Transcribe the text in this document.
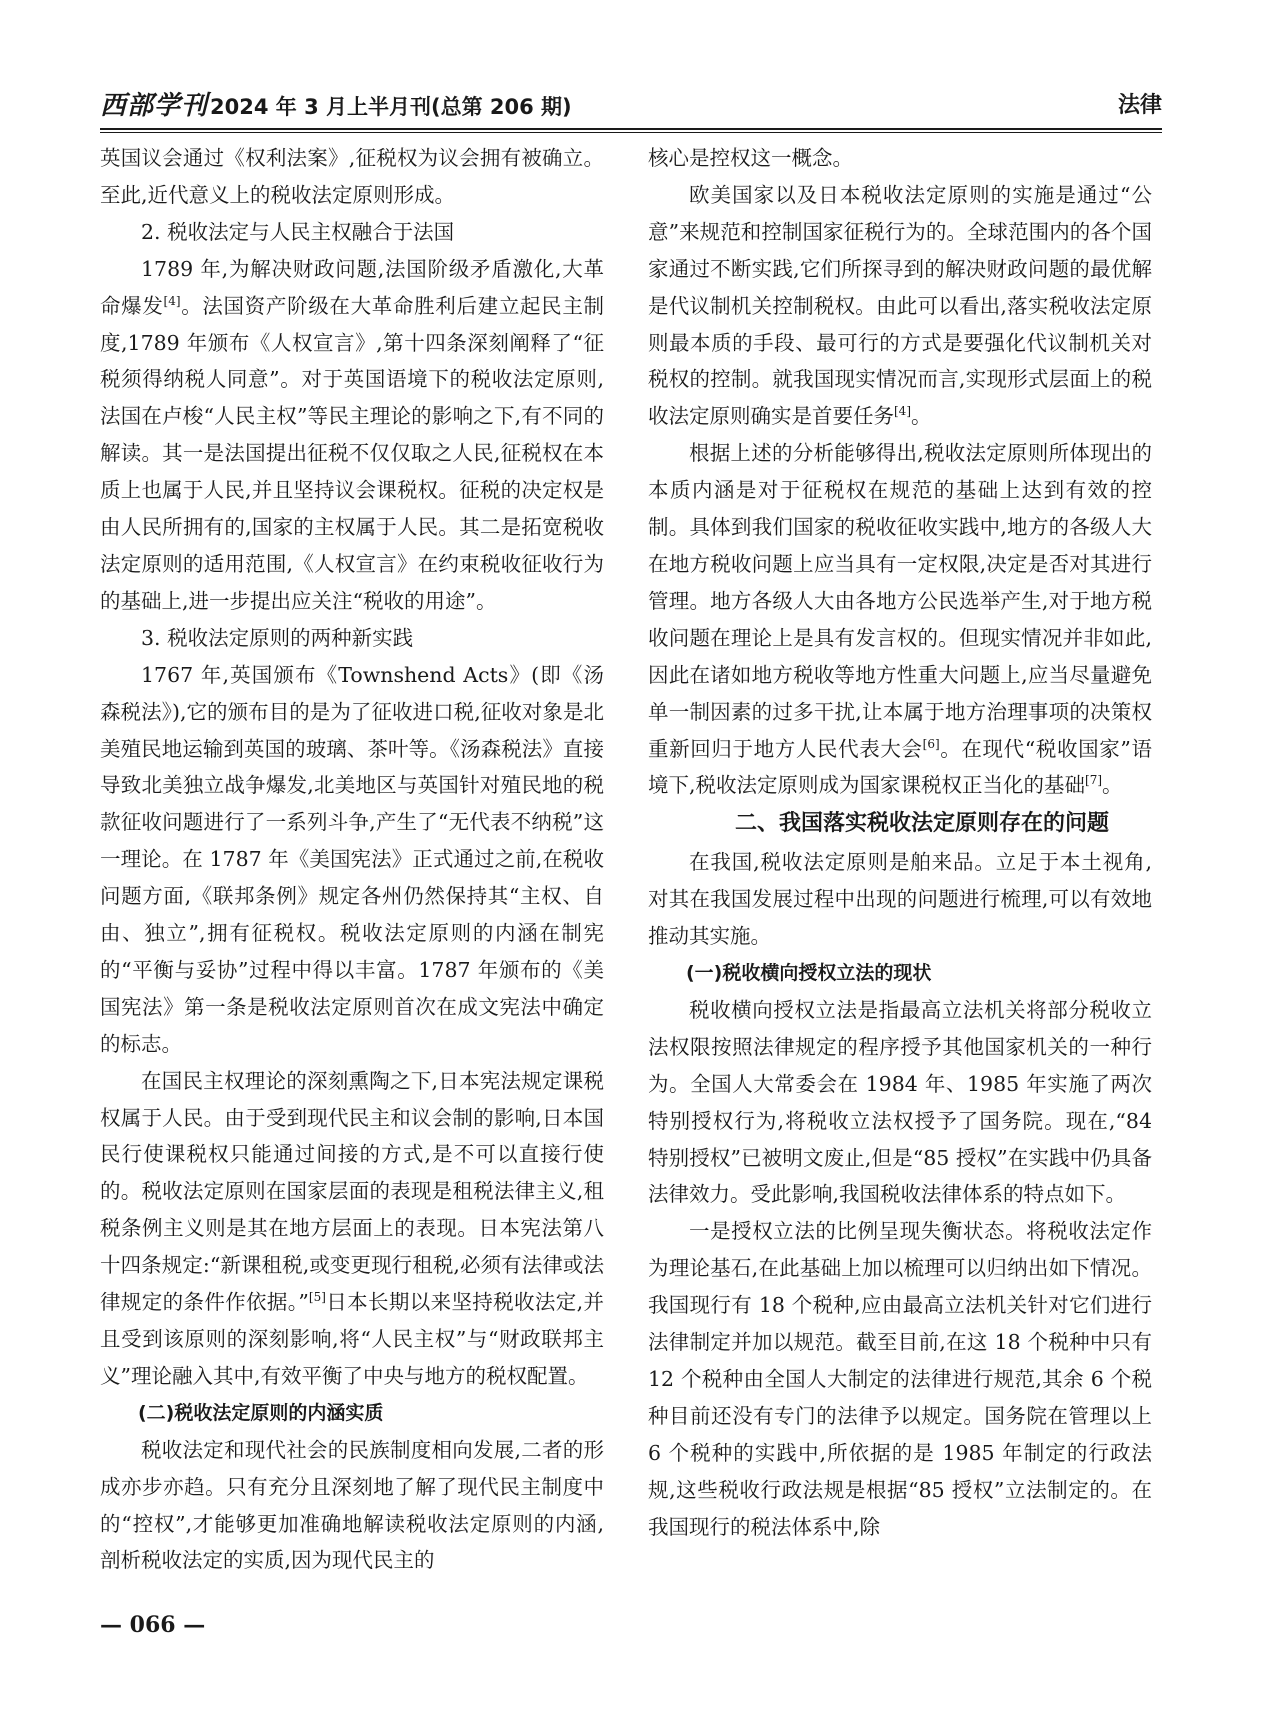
西部学刊2024 年 3 月上半月刊(总第 206 期)	法律

英国议会通过《权利法案》,征税权为议会拥有被确立。至此,近代意义上的税收法定原则形成。

2. 税收法定与人民主权融合于法国

1789 年,为解决财政问题,法国阶级矛盾激化,大革命爆发[4]。法国资产阶级在大革命胜利后建立起民主制度,1789 年颁布《人权宣言》,第十四条深刻阐释了“征税须得纳税人同意”。对于英国语境下的税收法定原则,法国在卢梭“人民主权”等民主理论的影响之下,有不同的解读。其一是法国提出征税不仅仅取之人民,征税权在本质上也属于人民,并且坚持议会课税权。征税的决定权是由人民所拥有的,国家的主权属于人民。其二是拓宽税收法定原则的适用范围,《人权宣言》在约束税收征收行为的基础上,进一步提出应关注“税收的用途”。

3. 税收法定原则的两种新实践

1767 年,英国颁布《Townshend Acts》(即《汤森税法》),它的颁布目的是为了征收进口税,征收对象是北美殖民地运输到英国的玻璃、茶叶等。《汤森税法》直接导致北美独立战争爆发,北美地区与英国针对殖民地的税款征收问题进行了一系列斗争,产生了“无代表不纳税”这一理论。在 1787 年《美国宪法》正式通过之前,在税收问题方面,《联邦条例》规定各州仍然保持其“主权、自由、独立”,拥有征税权。税收法定原则的内涵在制宪的“平衡与妥协”过程中得以丰富。1787 年颁布的《美国宪法》第一条是税收法定原则首次在成文宪法中确定的标志。

在国民主权理论的深刻熏陶之下,日本宪法规定课税权属于人民。由于受到现代民主和议会制的影响,日本国民行使课税权只能通过间接的方式,是不可以直接行使的。税收法定原则在国家层面的表现是租税法律主义,租税条例主义则是其在地方层面上的表现。日本宪法第八十四条规定:“新课租税,或变更现行租税,必须有法律或法律规定的条件作依据。”[5]日本长期以来坚持税收法定,并且受到该原则的深刻影响,将“人民主权”与“财政联邦主义”理论融入其中,有效平衡了中央与地方的税权配置。

(二)税收法定原则的内涵实质

税收法定和现代社会的民族制度相向发展,二者的形成亦步亦趋。只有充分且深刻地了解了现代民主制度中的“控权”,才能够更加准确地解读税收法定原则的内涵,剖析税收法定的实质,因为现代民主的

核心是控权这一概念。

欧美国家以及日本税收法定原则的实施是通过“公意”来规范和控制国家征税行为的。全球范围内的各个国家通过不断实践,它们所探寻到的解决财政问题的最优解是代议制机关控制税权。由此可以看出,落实税收法定原则最本质的手段、最可行的方式是要强化代议制机关对税权的控制。就我国现实情况而言,实现形式层面上的税收法定原则确实是首要任务[4]。

根据上述的分析能够得出,税收法定原则所体现出的本质内涵是对于征税权在规范的基础上达到有效的控制。具体到我们国家的税收征收实践中,地方的各级人大在地方税收问题上应当具有一定权限,决定是否对其进行管理。地方各级人大由各地方公民选举产生,对于地方税收问题在理论上是具有发言权的。但现实情况并非如此,因此在诸如地方税收等地方性重大问题上,应当尽量避免单一制因素的过多干扰,让本属于地方治理事项的决策权重新回归于地方人民代表大会[6]。在现代“税收国家”语境下,税收法定原则成为国家课税权正当化的基础[7]。

二、我国落实税收法定原则存在的问题

在我国,税收法定原则是舶来品。立足于本土视角,对其在我国发展过程中出现的问题进行梳理,可以有效地推动其实施。

(一)税收横向授权立法的现状

税收横向授权立法是指最高立法机关将部分税收立法权限按照法律规定的程序授予其他国家机关的一种行为。全国人大常委会在 1984 年、1985 年实施了两次特别授权行为,将税收立法权授予了国务院。现在,“84 特别授权”已被明文废止,但是“85 授权”在实践中仍具备法律效力。受此影响,我国税收法律体系的特点如下。

一是授权立法的比例呈现失衡状态。将税收法定作为理论基石,在此基础上加以梳理可以归纳出如下情况。我国现行有 18 个税种,应由最高立法机关针对它们进行法律制定并加以规范。截至目前,在这 18 个税种中只有 12 个税种由全国人大制定的法律进行规范,其余 6 个税种目前还没有专门的法律予以规定。国务院在管理以上 6 个税种的实践中,所依据的是 1985 年制定的行政法规,这些税收行政法规是根据“85 授权”立法制定的。在我国现行的税法体系中,除

— 066 —
